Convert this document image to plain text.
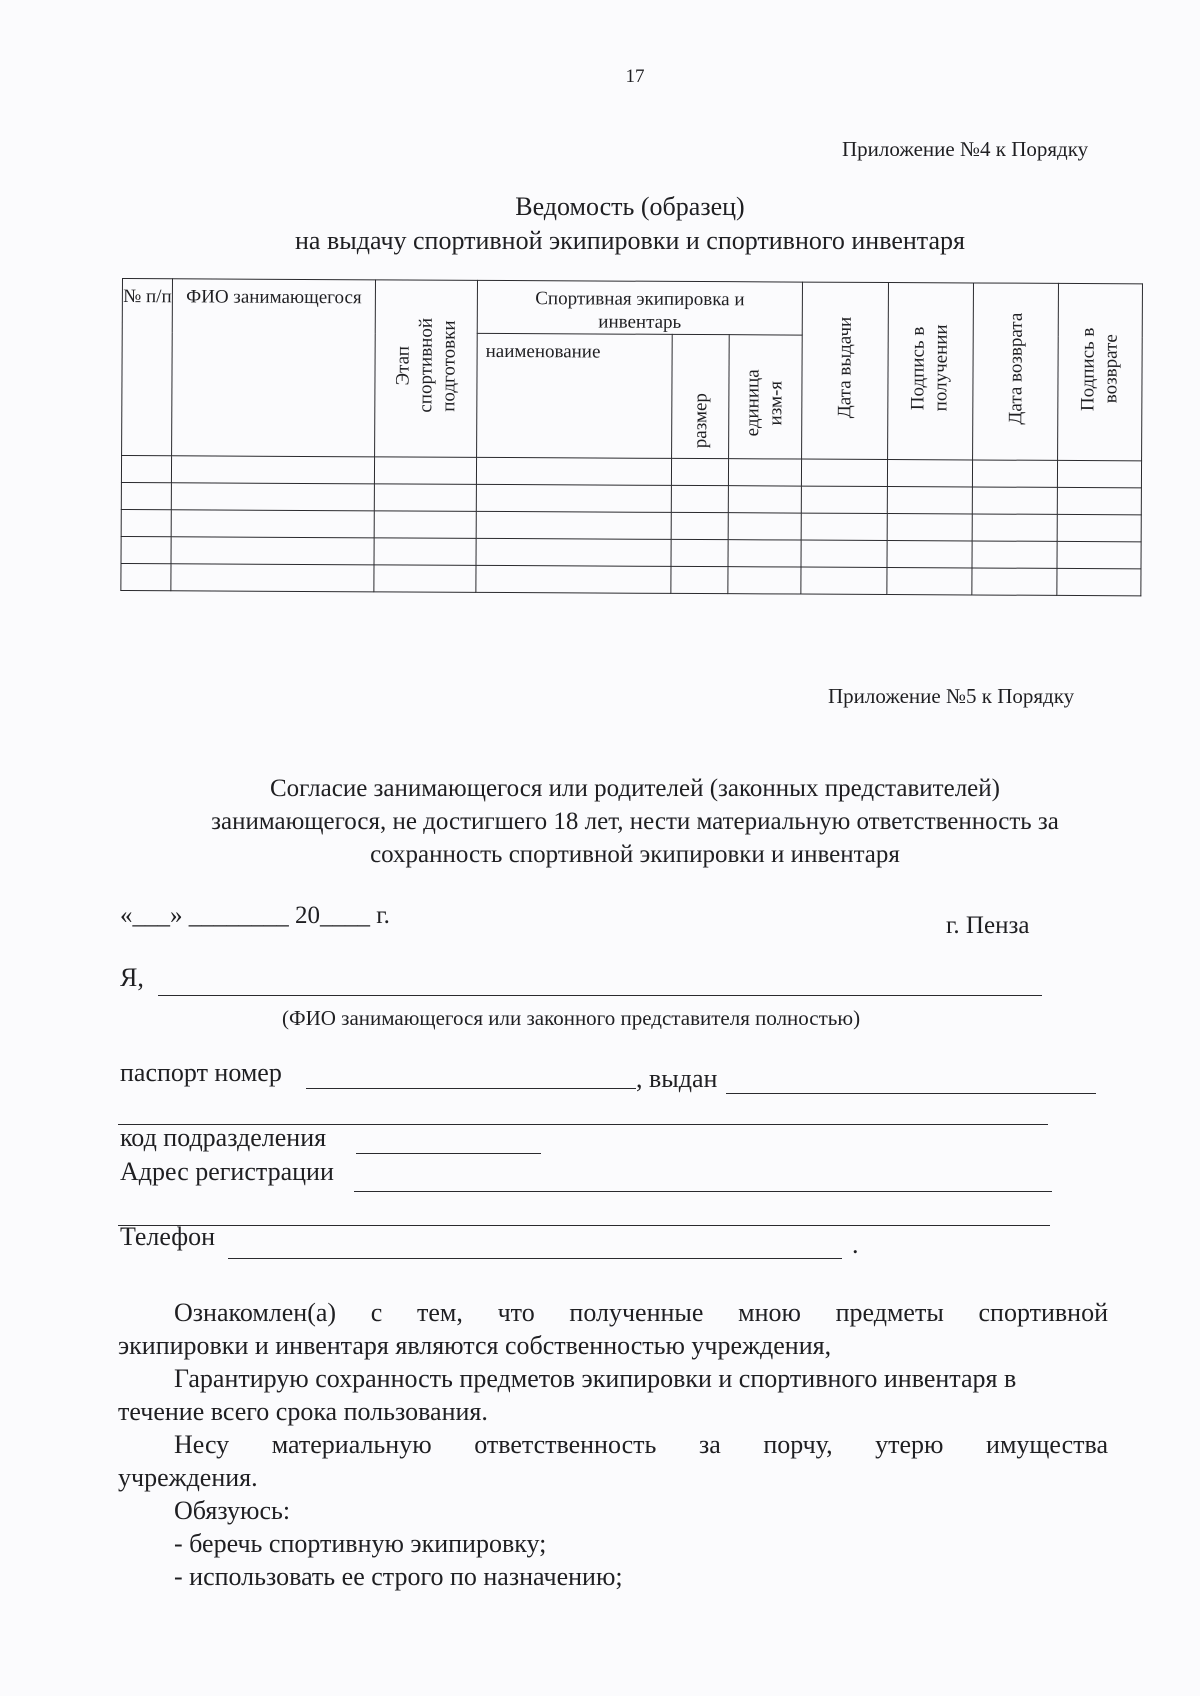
17
Приложение №4 к Порядку
Ведомость (образец)
на выдачу спортивной экипировки и спортивного инвентаря
№ п/п	ФИО занимающегося	Этап спортивной подготовки	Спортивная экипировка и инвентарь			Дата выдачи	Подпись в получении	Дата возврата	Подпись в возврате
			наименование	размер	единица изм-я				

Приложение №5 к Порядку
Согласие занимающегося или родителей (законных представителей)
занимающегося, не достигшего 18 лет, нести материальную ответственность за
сохранность спортивной экипировки и инвентаря
«___» ________ 20____ г.	г. Пенза
Я,
(ФИО занимающегося или законного представителя полностью)
паспорт номер	, выдан
код подразделения
Адрес регистрации
Телефон	.

Ознакомлен(а) с тем, что полученные мною предметы спортивной

экипировки и инвентаря являются собственностью учреждения,

Гарантирую сохранность предметов экипировки и спортивного инвентаря в

течение всего срока пользования.

Несу материальную ответственность за порчу, утерю имущества

учреждения.

Обязуюсь:

- беречь спортивную экипировку;

- использовать ее строго по назначению;
